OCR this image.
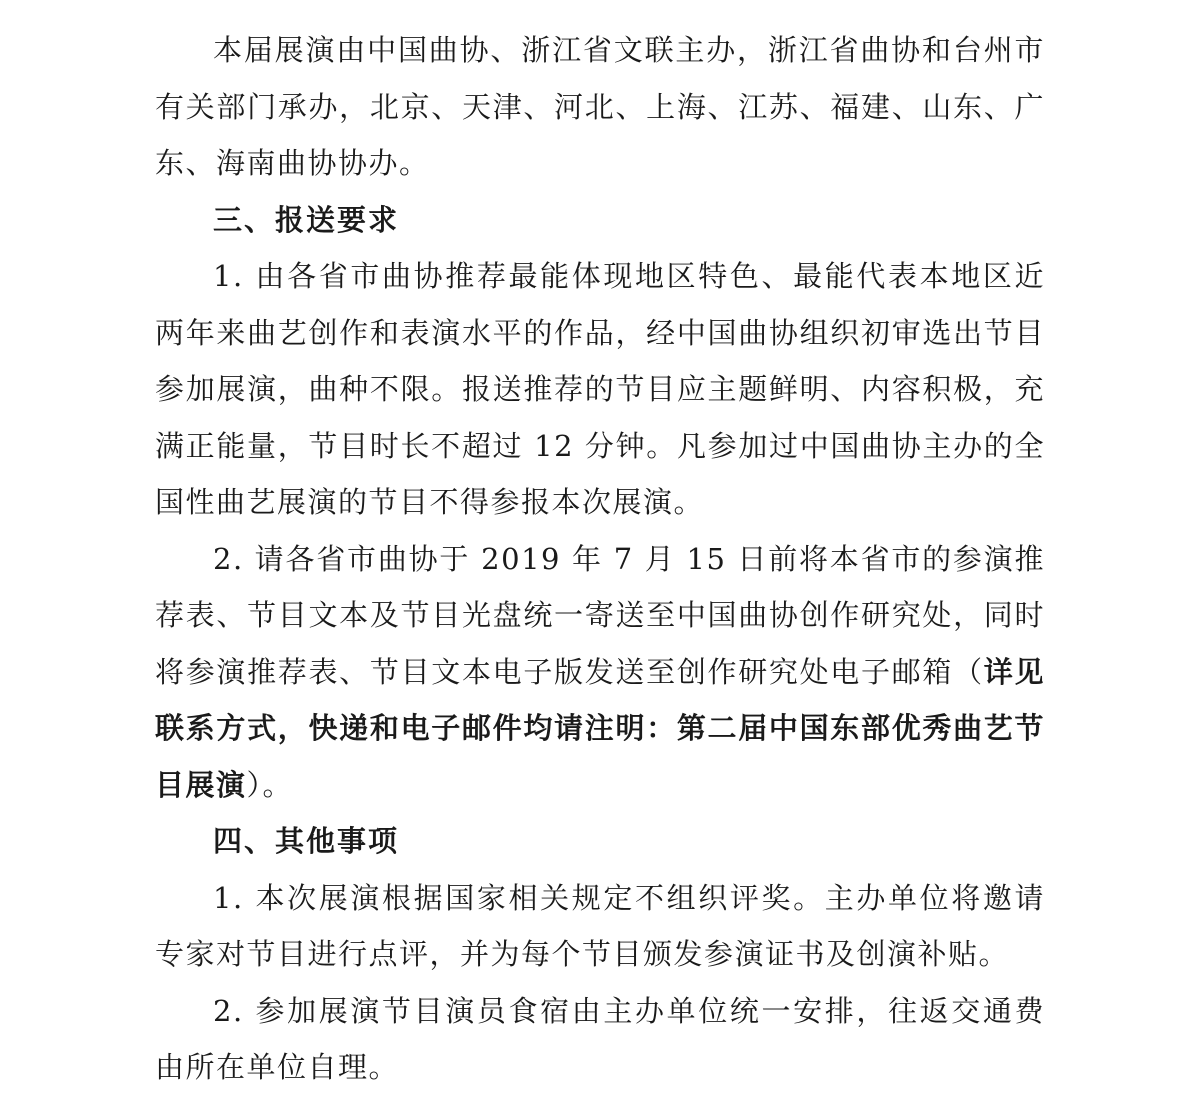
本届展演由中国曲协、浙江省文联主办，浙江省曲协和台州市有关部门承办，北京、天津、河北、上海、江苏、福建、山东、广东、海南曲协协办。

三、报送要求

1. 由各省市曲协推荐最能体现地区特色、最能代表本地区近两年来曲艺创作和表演水平的作品，经中国曲协组织初审选出节目参加展演，曲种不限。报送推荐的节目应主题鲜明、内容积极，充满正能量，节目时长不超过 12 分钟。凡参加过中国曲协主办的全国性曲艺展演的节目不得参报本次展演。

2. 请各省市曲协于 2019 年 7 月 15 日前将本省市的参演推荐表、节目文本及节目光盘统一寄送至中国曲协创作研究处，同时将参演推荐表、节目文本电子版发送至创作研究处电子邮箱（详见联系方式，快递和电子邮件均请注明：第二届中国东部优秀曲艺节目展演）。

四、其他事项

1. 本次展演根据国家相关规定不组织评奖。主办单位将邀请专家对节目进行点评，并为每个节目颁发参演证书及创演补贴。

2. 参加展演节目演员食宿由主办单位统一安排，往返交通费由所在单位自理。
